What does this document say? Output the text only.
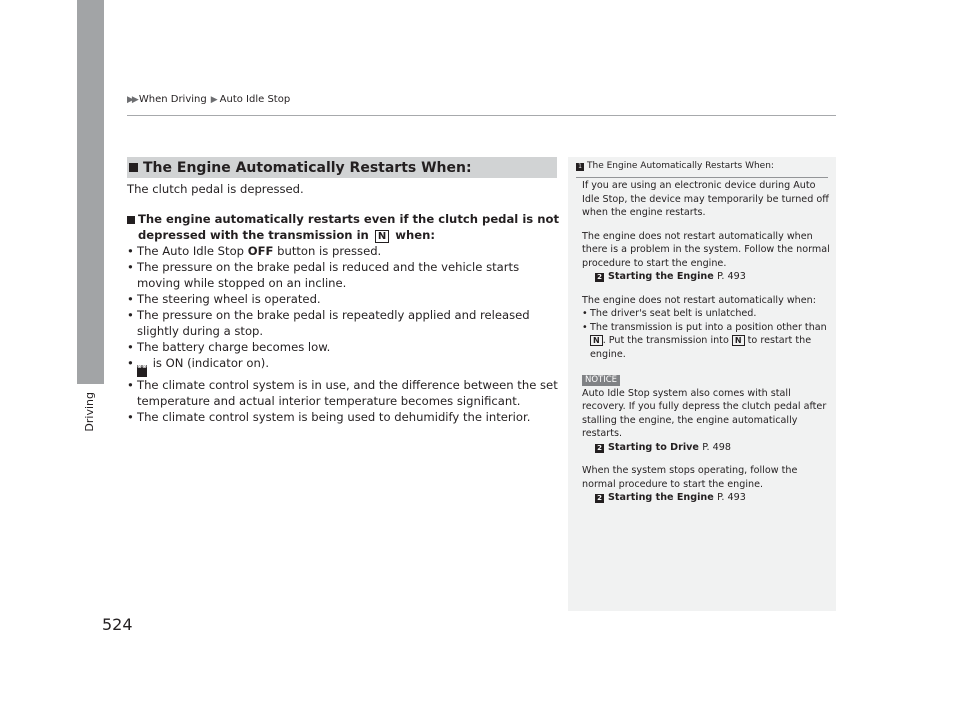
▶▶ When Driving ▶ Auto Idle Stop
Driving
524
The Engine Automatically Restarts When:

The clutch pedal is depressed.

The engine automatically restarts even if the clutch pedal is not depressed with the transmission in N when:

• The Auto Idle Stop OFF button is pressed.
• The pressure on the brake pedal is reduced and the vehicle starts moving while stopped on an incline.
• The steering wheel is operated.
• The pressure on the brake pedal is repeatedly applied and released slightly during a stop.
• The battery charge becomes low.
• ◚◚ is ON (indicator on).
• The climate control system is in use, and the difference between the set temperature and actual interior temperature becomes significant.
• The climate control system is being used to dehumidify the interior.
1 The Engine Automatically Restarts When:

If you are using an electronic device during Auto Idle Stop, the device may temporarily be turned off when the engine restarts.

The engine does not restart automatically when there is a problem in the system. Follow the normal procedure to start the engine.

2 Starting the Engine P. 493

The engine does not restart automatically when:

• The driver's seat belt is unlatched.
• The transmission is put into a position other than
N . Put the transmission into N to restart the engine.
NOTICE

Auto Idle Stop system also comes with stall recovery. If you fully depress the clutch pedal after stalling the engine, the engine automatically restarts.

2 Starting to Drive P. 498

When the system stops operating, follow the normal procedure to start the engine.

2 Starting the Engine P. 493
